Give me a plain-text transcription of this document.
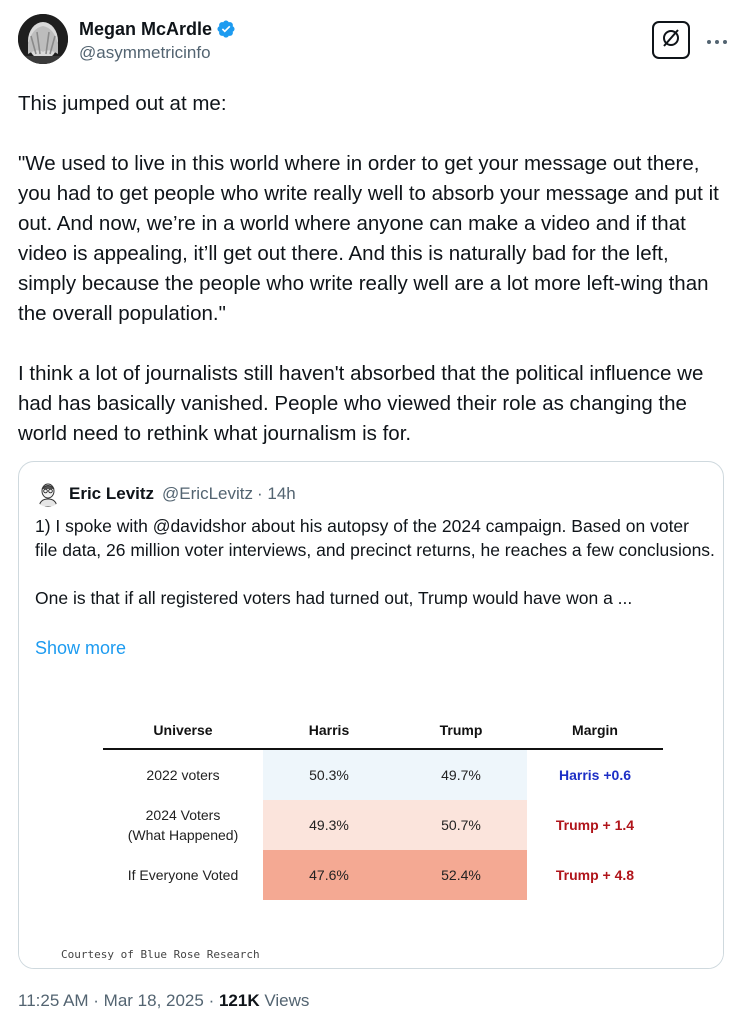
Megan McArdle
@asymmetricinfo

This jumped out at me:

"We used to live in this world where in order to get your message out there, you had to get people who write really well to absorb your message and put it out. And now, we’re in a world where anyone can make a video and if that video is appealing, it’ll get out there. And this is naturally bad for the left, simply because the people who write really well are a lot more left-wing than the overall population."

I think a lot of journalists still haven't absorbed that the political influence we had has basically vanished. People who viewed their role as changing the world need to rethink what journalism is for.

Eric Levitz @EricLevitz · 14h

1) I spoke with @davidshor about his autopsy of the 2024 campaign. Based on voter file data, 26 million voter interviews, and precinct returns, he reaches a few conclusions.

One is that if all registered voters had turned out, Trump would have won a ...

Show more
Universe	Harris	Trump	Margin
2022 voters	50.3%	49.7%	Harris +0.6
2024 Voters
(What Happened)
49.3%	50.7%	Trump + 1.4
If Everyone Voted	47.6%	52.4%	Trump + 4.8
Courtesy of Blue Rose Research
11:25 AM · Mar 18, 2025 · 121K Views
